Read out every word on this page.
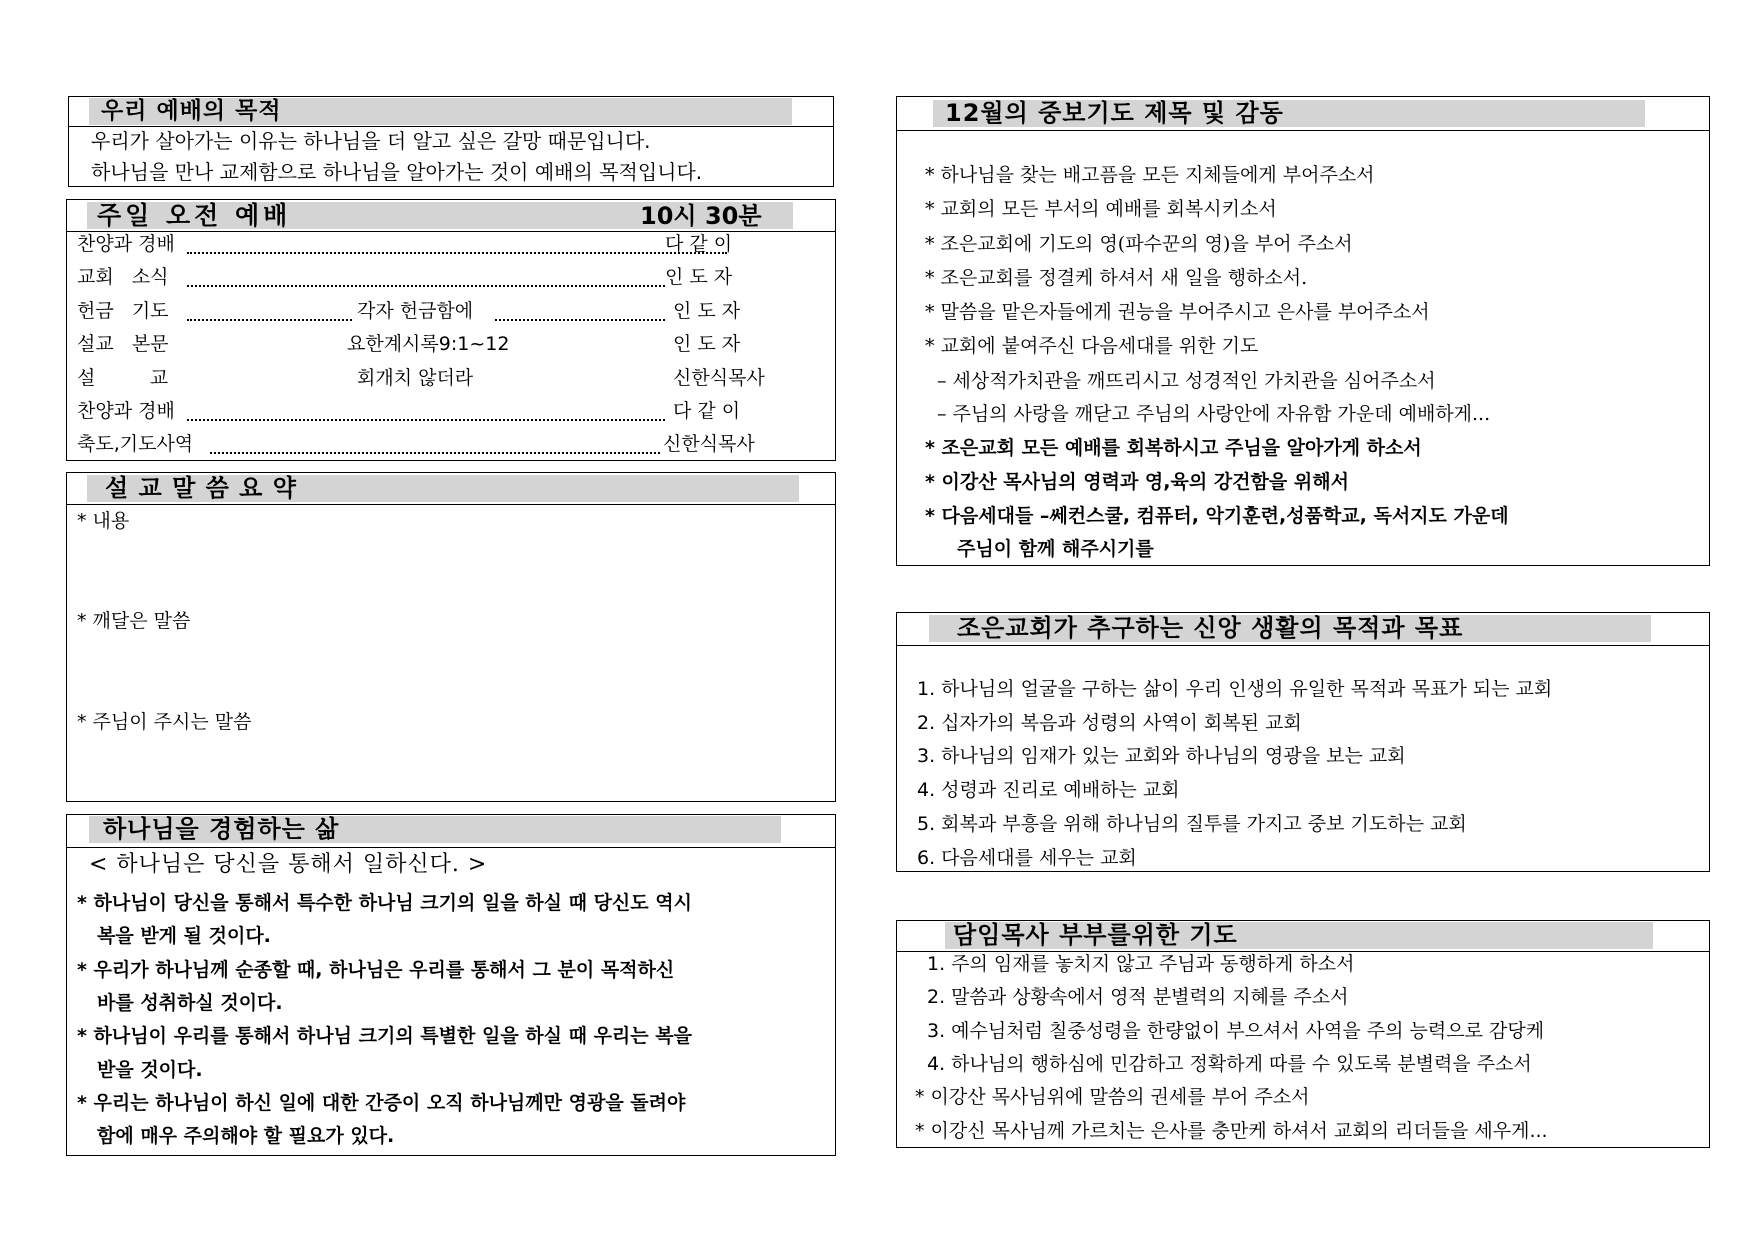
우리 예배의 목적
우리가 살아가는 이유는 하나님을 더 알고 싶은 갈망 때문입니다.
하나님을 만나 교제함으로 하나님을 알아가는 것이 예배의 목적입니다.
주일 오전 예배	10시 30분
찬양과 경배	다 같 이
교회   소식	인 도 자
헌금   기도	각자 헌금함에	인 도 자
설교   본문	요한계시록9:1~12	인 도 자
설         교	회개치 않더라	신한식목사
찬양과 경배	다 같 이
축도,기도사역	신한식목사
설 교 말 씀 요 약
* 내용
* 깨달은 말씀
* 주님이 주시는 말씀
하나님을 경험하는 삶
< 하나님은 당신을 통해서 일하신다. >
* 하나님이 당신을 통해서 특수한 하나님 크기의 일을 하실 때 당신도 역시
복을 받게 될 것이다.
* 우리가 하나님께 순종할 때, 하나님은 우리를 통해서 그 분이 목적하신
바를 성취하실 것이다.
* 하나님이 우리를 통해서 하나님 크기의 특별한 일을 하실 때 우리는 복을
받을 것이다.
* 우리는 하나님이 하신 일에 대한 간증이 오직 하나님께만 영광을 돌려야
함에 매우 주의해야 할 필요가 있다.
12월의 중보기도 제목 및 감동
* 하나님을 찾는 배고픔을 모든 지체들에게 부어주소서
* 교회의 모든 부서의 예배를 회복시키소서
* 조은교회에 기도의 영(파수꾼의 영)을 부어 주소서
* 조은교회를 정결케 하셔서 새 일을 행하소서.
* 말씀을 맡은자들에게 권능을 부어주시고 은사를 부어주소서
* 교회에 붙여주신 다음세대를 위한 기도
– 세상적가치관을 깨뜨리시고 성경적인 가치관을 심어주소서
– 주님의 사랑을 깨닫고 주님의 사랑안에 자유함 가운데 예배하게...
* 조은교회 모든 예배를 회복하시고 주님을 알아가게 하소서
* 이강산 목사님의 영력과 영,육의 강건함을 위해서
* 다음세대들 –쎄컨스쿨, 컴퓨터, 악기훈련,성품학교, 독서지도 가운데
주님이 함께 해주시기를
조은교회가 추구하는 신앙 생활의 목적과 목표
1. 하나님의 얼굴을 구하는 삶이 우리 인생의 유일한 목적과 목표가 되는 교회
2. 십자가의 복음과 성령의 사역이 회복된 교회
3. 하나님의 임재가 있는 교회와 하나님의 영광을 보는 교회
4. 성령과 진리로 예배하는 교회
5. 회복과 부흥을 위해 하나님의 질투를 가지고 중보 기도하는 교회
6. 다음세대를 세우는 교회
담임목사 부부를위한 기도
1. 주의 임재를 놓치지 않고 주님과 동행하게 하소서
2. 말씀과 상황속에서 영적 분별력의 지혜를 주소서
3. 예수님처럼 칠중성령을 한량없이 부으셔서 사역을 주의 능력으로 감당케
4. 하나님의 행하심에 민감하고 정확하게 따를 수 있도록 분별력을 주소서
* 이강산 목사님위에 말씀의 권세를 부어 주소서
* 이강신 목사님께 가르치는 은사를 충만케 하셔서 교회의 리더들을 세우게...
